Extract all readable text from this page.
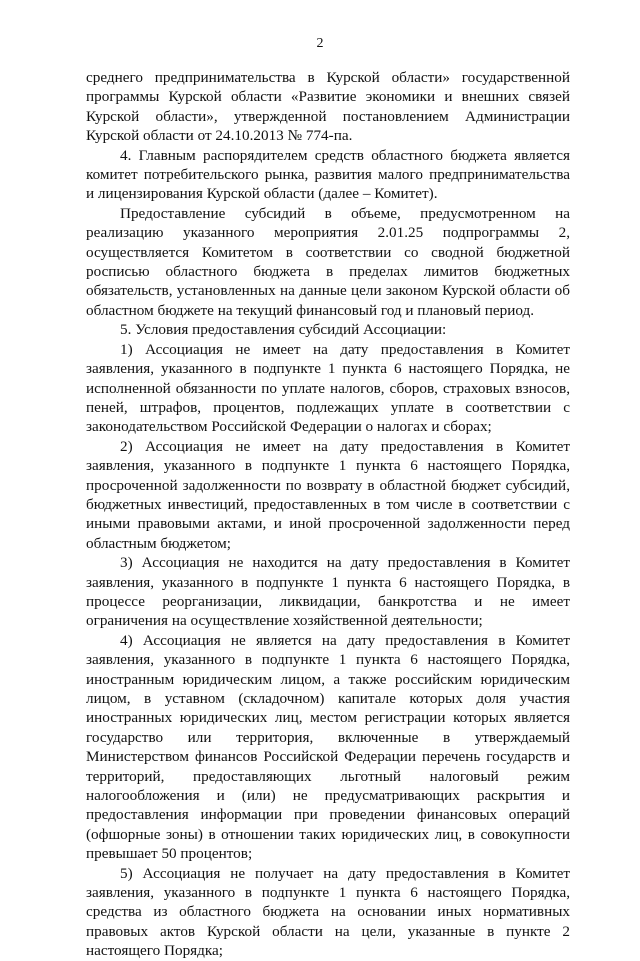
2

среднего предпринимательства в Курской области» государственной программы Курской области «Развитие экономики и внешних связей Курской области», утвержденной постановлением Администрации Курской области от 24.10.2013 № 774-па.

4. Главным распорядителем средств областного бюджета является комитет потребительского рынка, развития малого предпринимательства и лицензирования Курской области (далее – Комитет).

Предоставление субсидий в объеме, предусмотренном на реализацию указанного мероприятия 2.01.25 подпрограммы 2, осуществляется Комитетом в соответствии со сводной бюджетной росписью областного бюджета в пределах лимитов бюджетных обязательств, установленных на данные цели законом Курской области об областном бюджете на текущий финансовый год и плановый период.

5. Условия предоставления субсидий Ассоциации:

1) Ассоциация не имеет на дату предоставления в Комитет заявления, указанного в подпункте 1 пункта 6 настоящего Порядка, не исполненной обязанности по уплате налогов, сборов, страховых взносов, пеней, штрафов, процентов, подлежащих уплате в соответствии с законодательством Российской Федерации о налогах и сборах;

2) Ассоциация не имеет на дату предоставления в Комитет заявления, указанного в подпункте 1 пункта 6 настоящего Порядка, просроченной задолженности по возврату в областной бюджет субсидий, бюджетных инвестиций, предоставленных в том числе в соответствии с иными правовыми актами, и иной просроченной задолженности перед областным бюджетом;

3) Ассоциация не находится на дату предоставления в Комитет заявления, указанного в подпункте 1 пункта 6 настоящего Порядка, в процессе реорганизации, ликвидации, банкротства и не имеет ограничения на осуществление хозяйственной деятельности;

4) Ассоциация не является на дату предоставления в Комитет заявления, указанного в подпункте 1 пункта 6 настоящего Порядка, иностранным юридическим лицом, а также российским юридическим лицом, в уставном (складочном) капитале которых доля участия иностранных юридических лиц, местом регистрации которых является государство или территория, включенные в утверждаемый Министерством финансов Российской Федерации перечень государств и территорий, предоставляющих льготный налоговый режим налогообложения и (или) не предусматривающих раскрытия и предоставления информации при проведении финансовых операций (офшорные зоны) в отношении таких юридических лиц, в совокупности превышает 50 процентов;

5) Ассоциация не получает на дату предоставления в Комитет заявления, указанного в подпункте 1 пункта 6 настоящего Порядка, средства из областного бюджета на основании иных нормативных правовых актов Курской области на цели, указанные в пункте 2 настоящего Порядка;
